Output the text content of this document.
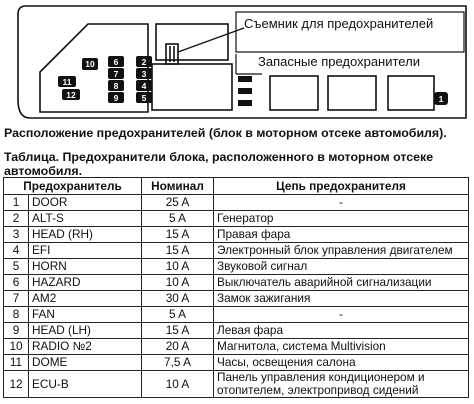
Съемник для предохранителей
Запасные предохранители
6	2
7	3
8	4
9	5
10
11
12	1
Расположение предохранителей (блок в моторном отсеке автомобиля).
Таблица. Предохранители блока, расположенного в моторном отсеке автомобиля.
Предохранитель		Номинал	Цепь предохранителя
1	DOOR	25 A	-
2	ALT-S	5 A	Генератор
3	HEAD (RH)	15 A	Правая фара
4	EFI	15 A	Электронный блок управления двигателем
5	HORN	10 A	Звуковой сигнал
6	HAZARD	10 A	Выключатель аварийной сигнализации
7	AM2	30 A	Замок зажигания
8	FAN	5 A	-
9	HEAD (LH)	15 A	Левая фара
10	RADIO №2	20 A	Магнитола, система Multivision
11	DOME	7,5 A	Часы, освещения салона
12	ECU-B	10 A	Панель управления кондиционером и отопителем, электропривод сидений
